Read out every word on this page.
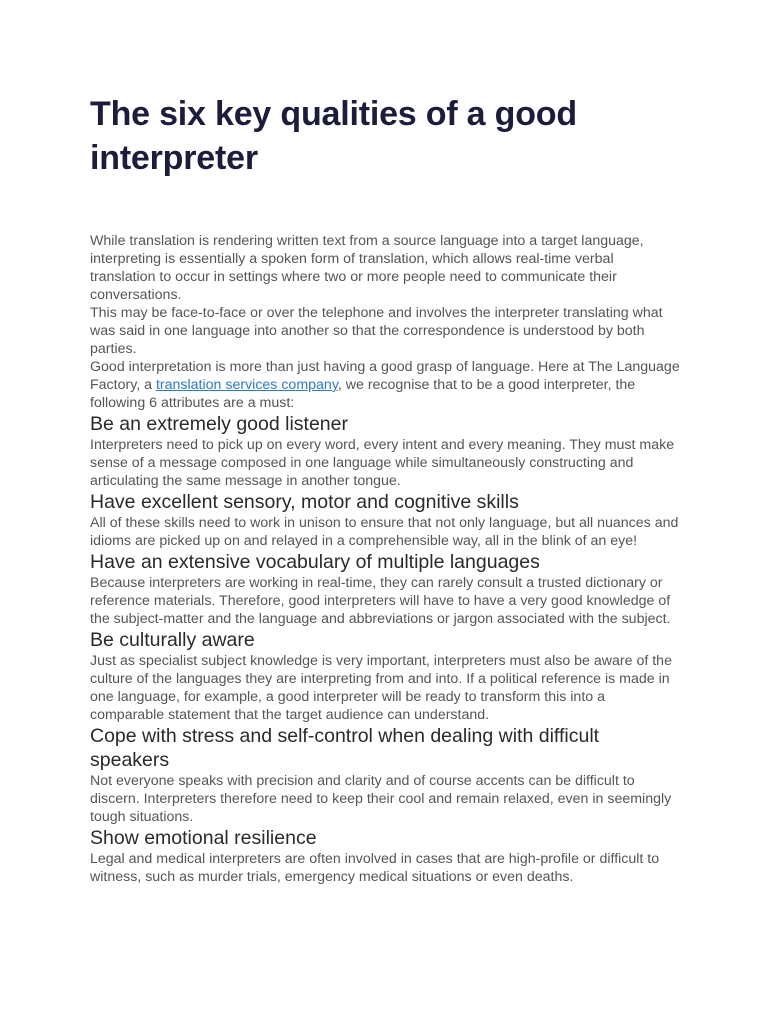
The six key qualities of a good interpreter

While translation is rendering written text from a source language into a target language, interpreting is essentially a spoken form of translation, which allows real-time verbal translation to occur in settings where two or more people need to communicate their conversations.

This may be face-to-face or over the telephone and involves the interpreter translating what was said in one language into another so that the correspondence is understood by both parties.

Good interpretation is more than just having a good grasp of language. Here at The Language Factory, a translation services company, we recognise that to be a good interpreter, the following 6 attributes are a must:

Be an extremely good listener

Interpreters need to pick up on every word, every intent and every meaning. They must make sense of a message composed in one language while simultaneously constructing and articulating the same message in another tongue.

Have excellent sensory, motor and cognitive skills

All of these skills need to work in unison to ensure that not only language, but all nuances and idioms are picked up on and relayed in a comprehensible way, all in the blink of an eye!

Have an extensive vocabulary of multiple languages

Because interpreters are working in real-time, they can rarely consult a trusted dictionary or reference materials. Therefore, good interpreters will have to have a very good knowledge of the subject-matter and the language and abbreviations or jargon associated with the subject.

Be culturally aware

Just as specialist subject knowledge is very important, interpreters must also be aware of the culture of the languages they are interpreting from and into. If a political reference is made in one language, for example, a good interpreter will be ready to transform this into a comparable statement that the target audience can understand.

Cope with stress and self-control when dealing with difficult speakers

Not everyone speaks with precision and clarity and of course accents can be difficult to discern. Interpreters therefore need to keep their cool and remain relaxed, even in seemingly tough situations.

Show emotional resilience

Legal and medical interpreters are often involved in cases that are high-profile or difficult to witness, such as murder trials, emergency medical situations or even deaths.
